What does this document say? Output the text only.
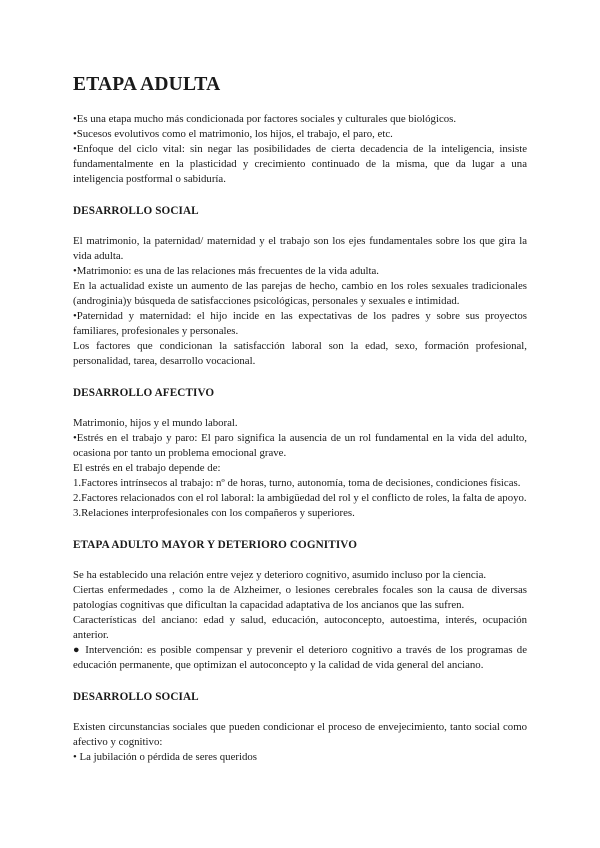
ETAPA ADULTA

•Es una etapa mucho más condicionada por factores sociales y culturales que biológicos.

•Sucesos evolutivos como el matrimonio, los hijos, el trabajo, el paro, etc.

•Enfoque del ciclo vital: sin negar las posibilidades de cierta decadencia de la inteligencia, insiste fundamentalmente en la plasticidad y crecimiento continuado de la misma, que da lugar a una inteligencia postformal o sabiduría.

DESARROLLO SOCIAL

El matrimonio, la paternidad/ maternidad y el trabajo son los ejes fundamentales sobre los que gira la vida adulta.

•Matrimonio: es una de las relaciones más frecuentes de la vida adulta.

En la actualidad existe un aumento de las parejas de hecho, cambio en los roles sexuales tradicionales (androginia)y búsqueda de satisfacciones psicológicas, personales y sexuales e intimidad.

•Paternidad y maternidad: el hijo incide en las expectativas de los padres y sobre sus proyectos familiares, profesionales y personales.

Los factores que condicionan la satisfacción laboral son la edad, sexo, formación profesional, personalidad, tarea, desarrollo vocacional.

DESARROLLO AFECTIVO

Matrimonio, hijos y el mundo laboral.

•Estrés en el trabajo y paro: El paro significa la ausencia de un rol fundamental en la vida del adulto, ocasiona por tanto un problema emocional grave.

El estrés en el trabajo depende de:

1.Factores intrínsecos al trabajo: nº de horas, turno, autonomía, toma de decisiones, condiciones físicas.

2.Factores relacionados con el rol laboral: la ambigüedad del rol y el conflicto de roles, la falta de apoyo.

3.Relaciones interprofesionales con los compañeros y superiores.

ETAPA ADULTO MAYOR Y DETERIORO COGNITIVO

Se ha establecido una relación entre vejez y deterioro cognitivo, asumido incluso por la ciencia.

Ciertas enfermedades , como la de Alzheimer, o lesiones cerebrales focales son la causa de diversas patologías cognitivas que dificultan la capacidad adaptativa de los ancianos que las sufren.

Características del anciano: edad y salud, educación, autoconcepto, autoestima, interés, ocupación anterior.

● Intervención: es posible compensar y prevenir el deterioro cognitivo a través de los programas de educación permanente, que optimizan el autoconcepto y la calidad de vida general del anciano.

DESARROLLO SOCIAL

Existen circunstancias sociales que pueden condicionar el proceso de envejecimiento, tanto social como afectivo y cognitivo:

• La jubilación o pérdida de seres queridos
